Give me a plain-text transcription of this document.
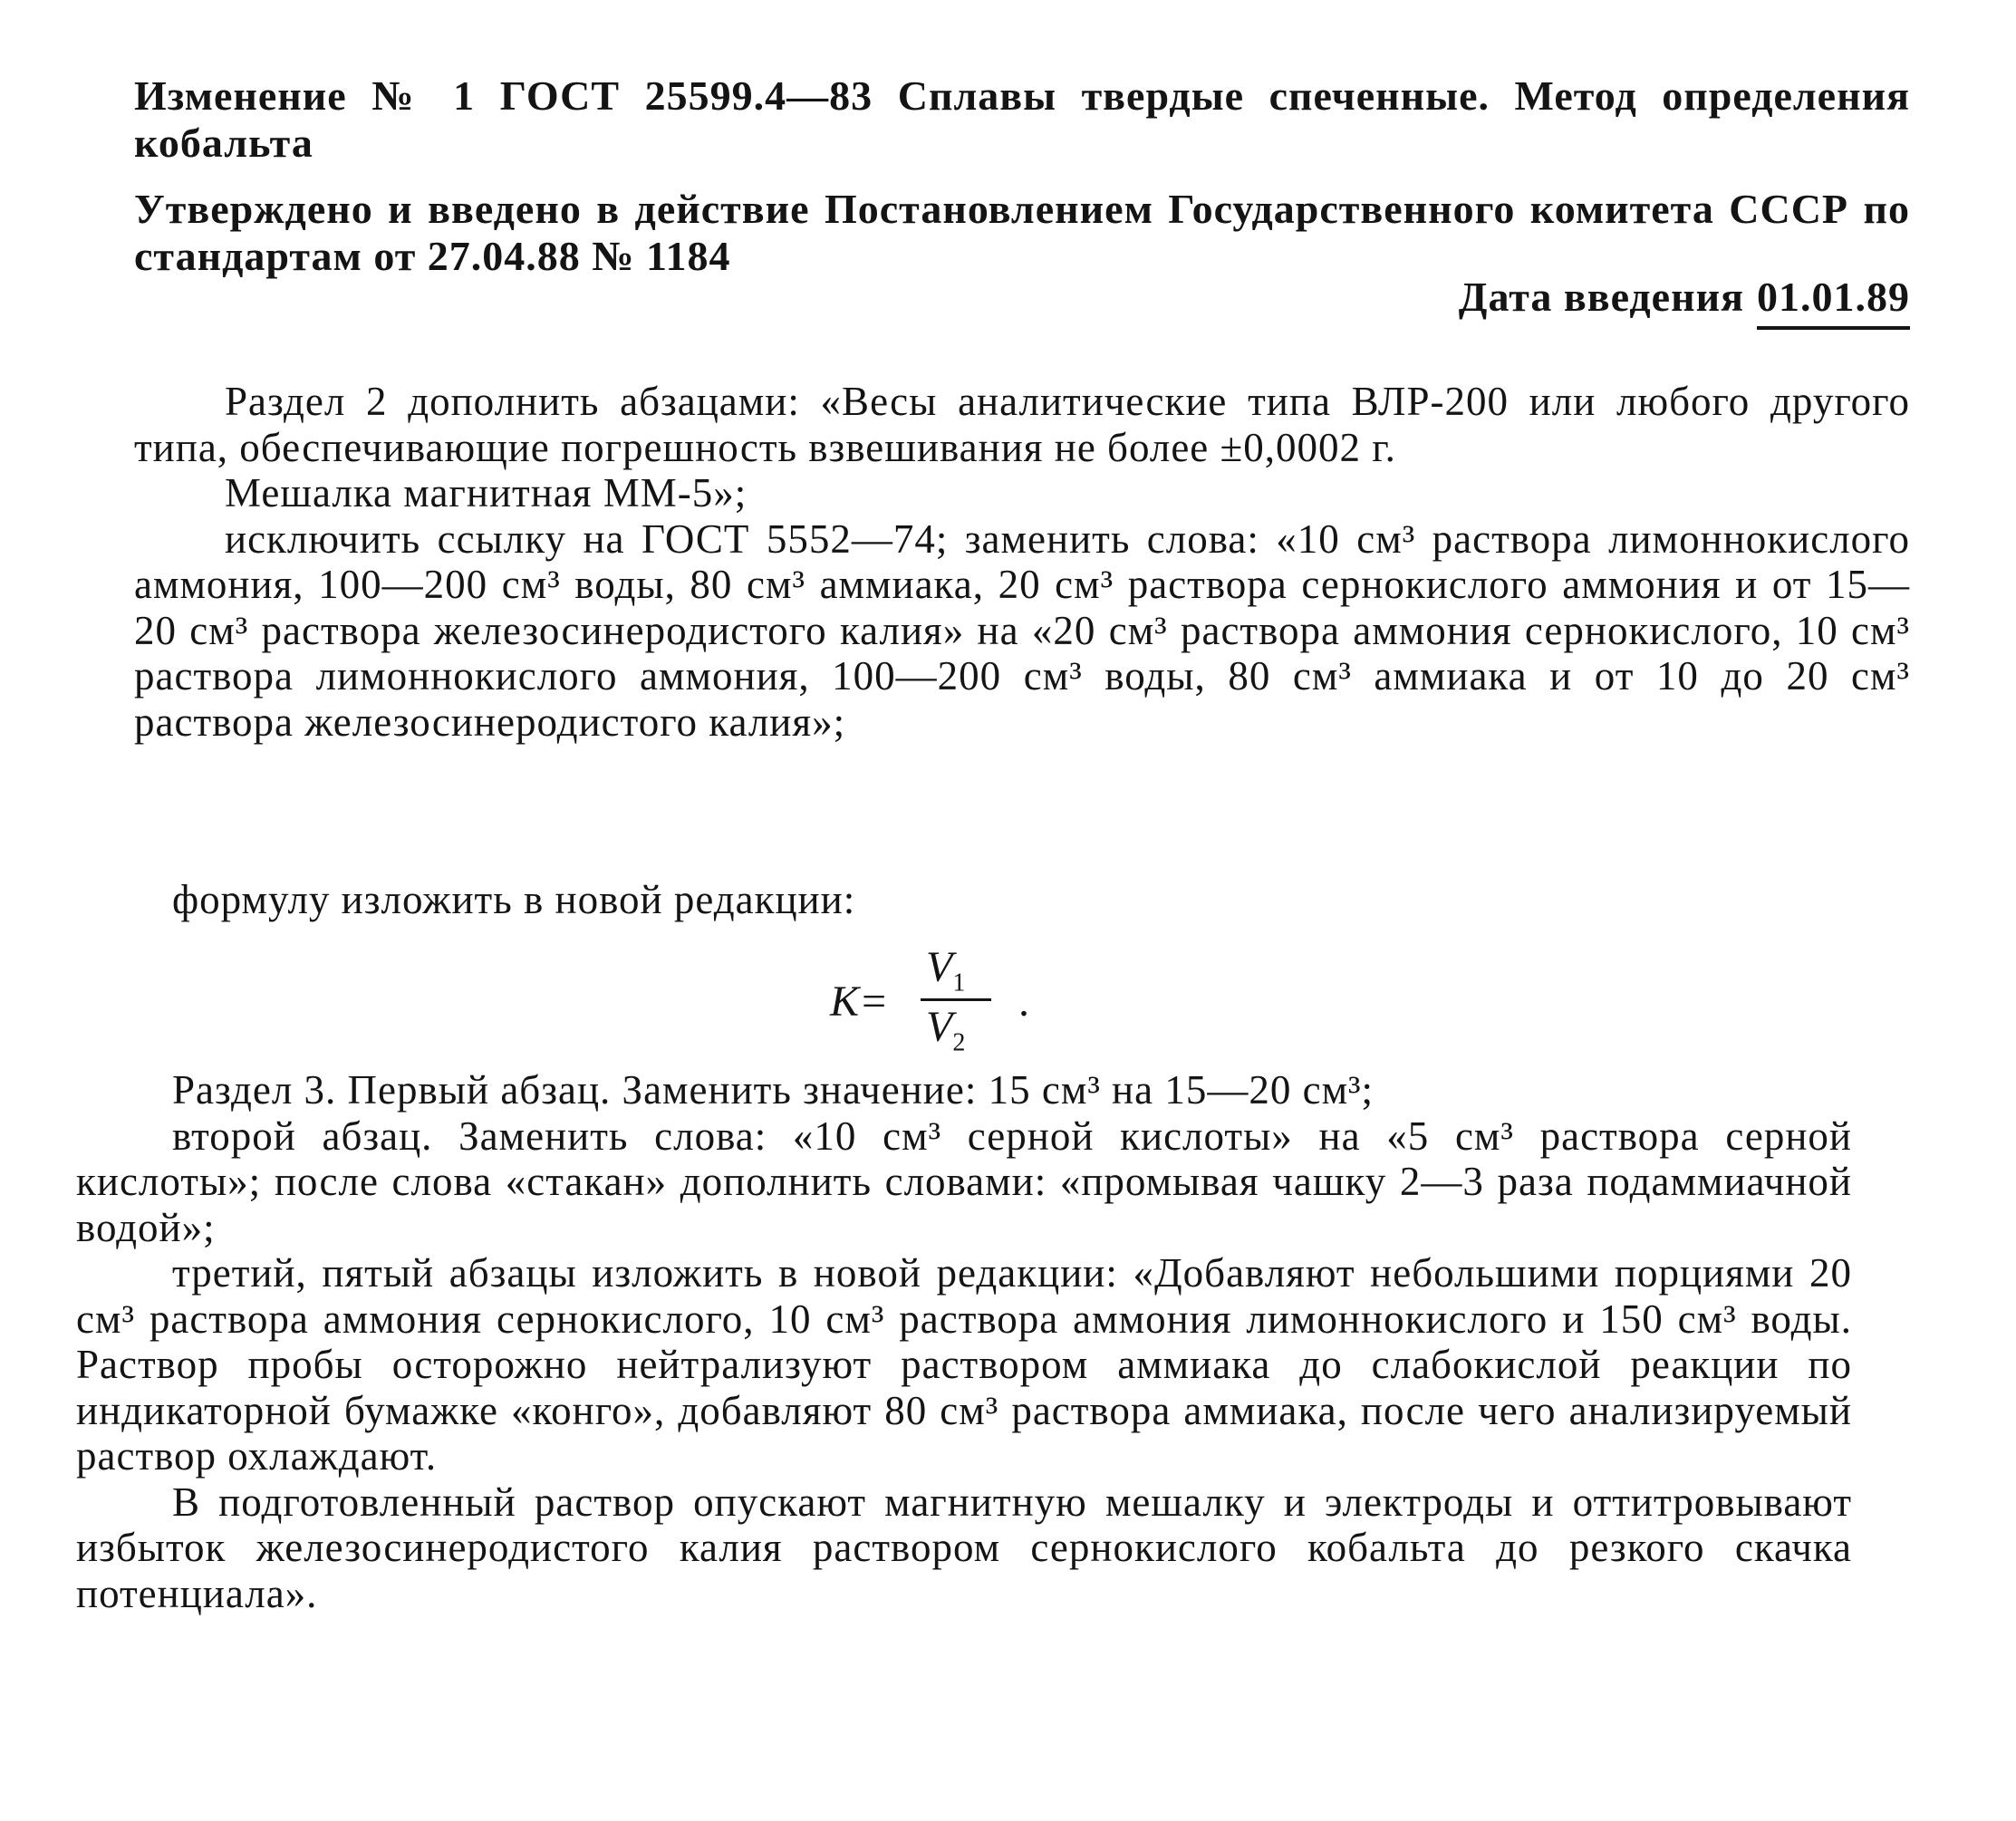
Изменение № 1 ГОСТ 25599.4—83 Сплавы твердые спеченные. Метод определения кобальта

Утверждено и введено в действие Постановлением Государственного комитета СССР по стандартам от 27.04.88 № 1184

Дата введения 01.01.89

Раздел 2 дополнить абзацами: «Весы аналитические типа ВЛР-200 или любого другого типа, обеспечивающие погрешность взвешивания не более ±0,0002 г.

Мешалка магнитная ММ-5»;

исключить ссылку на ГОСТ 5552—74; заменить слова: «10 см³ раствора лимоннокислого аммония, 100—200 см³ воды, 80 см³ аммиака, 20 см³ раствора сернокислого аммония и от 15—20 см³ раствора железосинеродистого калия» на «20 см³ раствора аммония сернокислого, 10 см³ раствора лимоннокислого аммония, 100—200 см³ воды, 80 см³ аммиака и от 10 до 20 см³ раствора железосинеродистого калия»;

формулу изложить в новой редакции:
K=
$V_1$
$V_2$
.

Раздел 3. Первый абзац. Заменить значение: 15 см³ на 15—20 см³;

второй абзац. Заменить слова: «10 см³ серной кислоты» на «5 см³ раствора серной кислоты»; после слова «стакан» дополнить словами: «промывая чашку 2—3 раза подаммиачной водой»;

третий, пятый абзацы изложить в новой редакции: «Добавляют небольшими порциями 20 см³ раствора аммония сернокислого, 10 см³ раствора аммония лимоннокислого и 150 см³ воды. Раствор пробы осторожно нейтрализуют раствором аммиака до слабокислой реакции по индикаторной бумажке «конго», добавляют 80 см³ раствора аммиака, после чего анализируемый раствор охлаждают.

В подготовленный раствор опускают магнитную мешалку и электроды и оттитровывают избыток железосинеродистого калия раствором сернокислого кобальта до резкого скачка потенциала».
